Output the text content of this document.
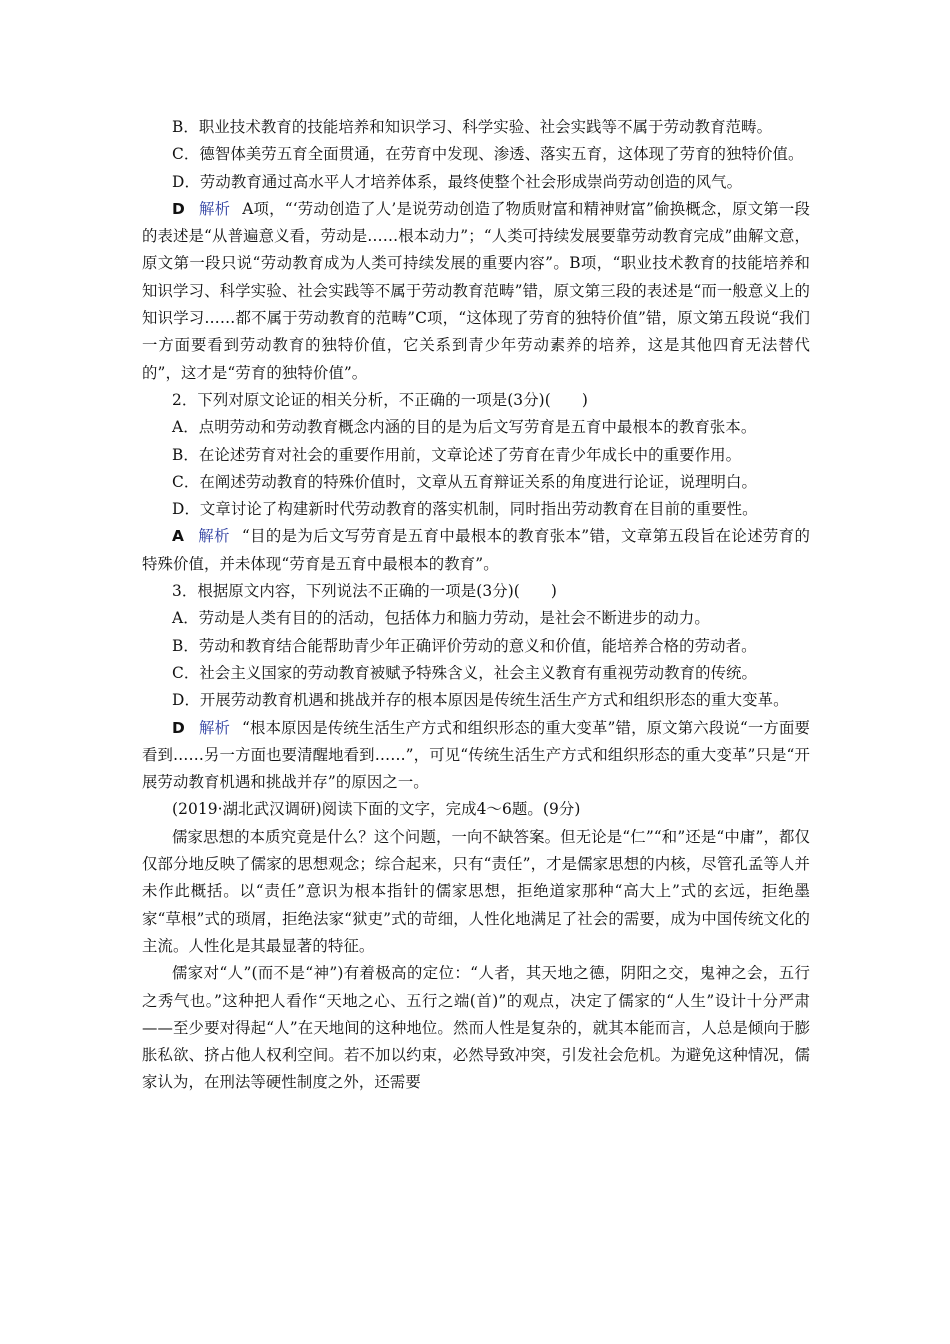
B．职业技术教育的技能培养和知识学习、科学实验、社会实践等不属于劳动教育范畴。

C．德智体美劳五育全面贯通，在劳育中发现、渗透、落实五育，这体现了劳育的独特价值。

D．劳动教育通过高水平人才培养体系，最终使整个社会形成崇尚劳动创造的风气。

D 解析 A项，“‘劳动创造了人’是说劳动创造了物质财富和精神财富”偷换概念，原文第一段的表述是“从普遍意义看，劳动是……根本动力”；“人类可持续发展要靠劳动教育完成”曲解文意，原文第一段只说“劳动教育成为人类可持续发展的重要内容”。B项，“职业技术教育的技能培养和知识学习、科学实验、社会实践等不属于劳动教育范畴”错，原文第三段的表述是“而一般意义上的知识学习……都不属于劳动教育的范畴”C项，“这体现了劳育的独特价值”错，原文第五段说“我们一方面要看到劳动教育的独特价值，它关系到青少年劳动素养的培养，这是其他四育无法替代的”，这才是“劳育的独特价值”。

2．下列对原文论证的相关分析，不正确的一项是(3分)(　　)

A．点明劳动和劳动教育概念内涵的目的是为后文写劳育是五育中最根本的教育张本。

B．在论述劳育对社会的重要作用前，文章论述了劳育在青少年成长中的重要作用。

C．在阐述劳动教育的特殊价值时，文章从五育辩证关系的角度进行论证，说理明白。

D．文章讨论了构建新时代劳动教育的落实机制，同时指出劳动教育在目前的重要性。

A 解析 “目的是为后文写劳育是五育中最根本的教育张本”错，文章第五段旨在论述劳育的特殊价值，并未体现“劳育是五育中最根本的教育”。

3．根据原文内容，下列说法不正确的一项是(3分)(　　)

A．劳动是人类有目的的活动，包括体力和脑力劳动，是社会不断进步的动力。

B．劳动和教育结合能帮助青少年正确评价劳动的意义和价值，能培养合格的劳动者。

C．社会主义国家的劳动教育被赋予特殊含义，社会主义教育有重视劳动教育的传统。

D．开展劳动教育机遇和挑战并存的根本原因是传统生活生产方式和组织形态的重大变革。

D 解析 “根本原因是传统生活生产方式和组织形态的重大变革”错，原文第六段说“一方面要看到……另一方面也要清醒地看到……”，可见“传统生活生产方式和组织形态的重大变革”只是“开展劳动教育机遇和挑战并存”的原因之一。

(2019·湖北武汉调研)阅读下面的文字，完成4～6题。(9分)

儒家思想的本质究竟是什么？这个问题，一向不缺答案。但无论是“仁”“和”还是“中庸”，都仅仅部分地反映了儒家的思想观念；综合起来，只有“责任”，才是儒家思想的内核，尽管孔孟等人并未作此概括。以“责任”意识为根本指针的儒家思想，拒绝道家那种“高大上”式的玄远，拒绝墨家“草根”式的琐屑，拒绝法家“狱吏”式的苛细，人性化地满足了社会的需要，成为中国传统文化的主流。人性化是其最显著的特征。

儒家对“人”(而不是“神”)有着极高的定位：“人者，其天地之德，阴阳之交，鬼神之会，五行之秀气也。”这种把人看作“天地之心、五行之端(首)”的观点，决定了儒家的“人生”设计十分严肃——至少要对得起“人”在天地间的这种地位。然而人性是复杂的，就其本能而言，人总是倾向于膨胀私欲、挤占他人权利空间。若不加以约束，必然导致冲突，引发社会危机。为避免这种情况，儒家认为，在刑法等硬性制度之外，还需要
